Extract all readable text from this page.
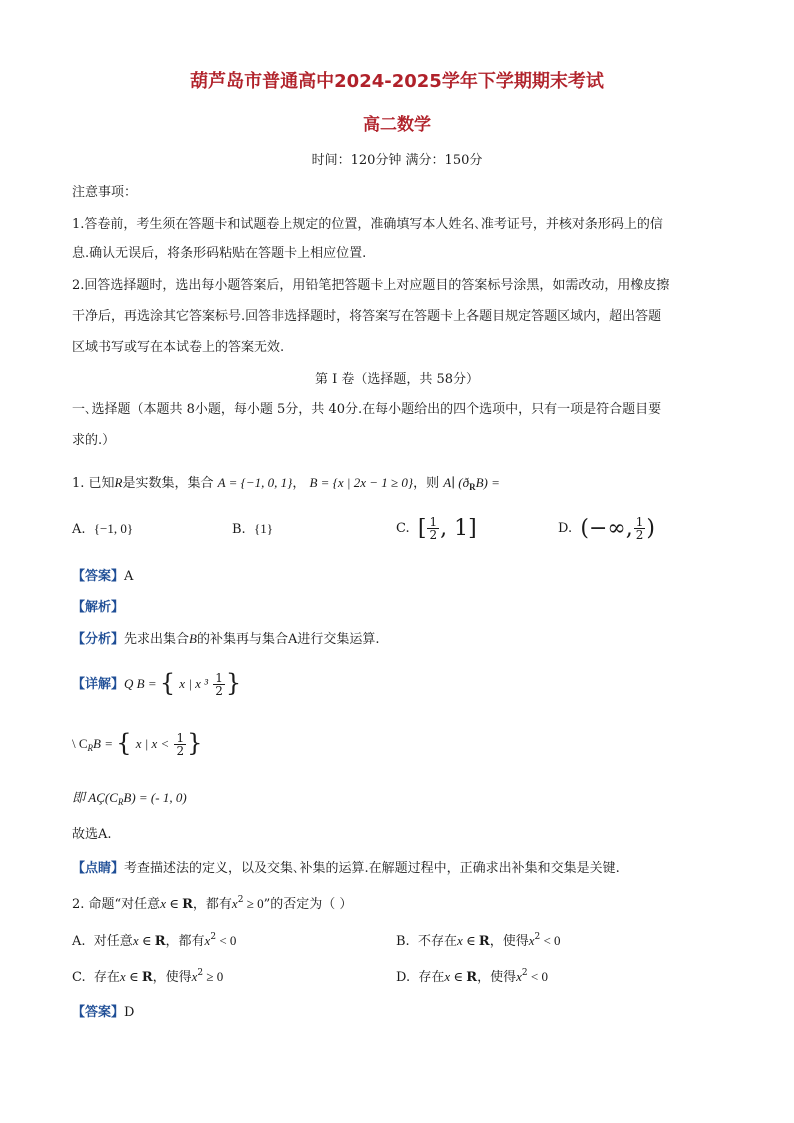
葫芦岛市普通高中2024-2025学年下学期期末考试
高二数学
时间：120分钟 满分：150分
注意事项：
1.答卷前，考生须在答题卡和试题卷上规定的位置，准确填写本人姓名､准考证号，并核对条形码上的信
息.确认无误后，将条形码粘贴在答题卡上相应位置.
2.回答选择题时，选出每小题答案后，用铅笔把答题卡上对应题目的答案标号涂黑，如需改动，用橡皮擦
干净后，再选涂其它答案标号.回答非选择题时，将答案写在答题卡上各题目规定答题区域内，超出答题
区域书写或写在本试卷上的答案无效.
第 I 卷（选择题，共 58分）
一､选择题（本题共 8小题，每小题 5分，共 40分.在每小题给出的四个选项中，只有一项是符合题目要
求的.）
1. 已知R是实数集，集合 A = {−1, 0, 1}， B = {x | 2x − 1 ≥ 0}，则 A∣ $(ð_RB)$ =
A. {−1, 0}	B. {1}	C. [ $\frac{1}{2}$ , 1]	D. (−∞, $\frac{1}{2}$ )
【答案】A
【解析】
【分析】先求出集合B的补集再与集合A进行交集运算.
【详解】Q B = { x | x $^3 \frac{1}{2}$ }
\ $C_RB$ = { x | $x < \frac{1}{2}$ }
即 $AÇ(C_RB)$ = (- 1, 0)
故选A.
【点睛】考查描述法的定义，以及交集､补集的运算.在解题过程中，正确求出补集和交集是关键.
2. 命题“对任意x ∈ R，都有$x^2 \ge 0$”的否定为（ ）
A. 对任意x ∈ R，都有$x^2 < 0$	B. 不存在x ∈ R，使得$x^2 < 0$
C. 存在x ∈ R，使得$x^2 \ge 0$	D. 存在x ∈ R，使得$x^2 < 0$
【答案】D
